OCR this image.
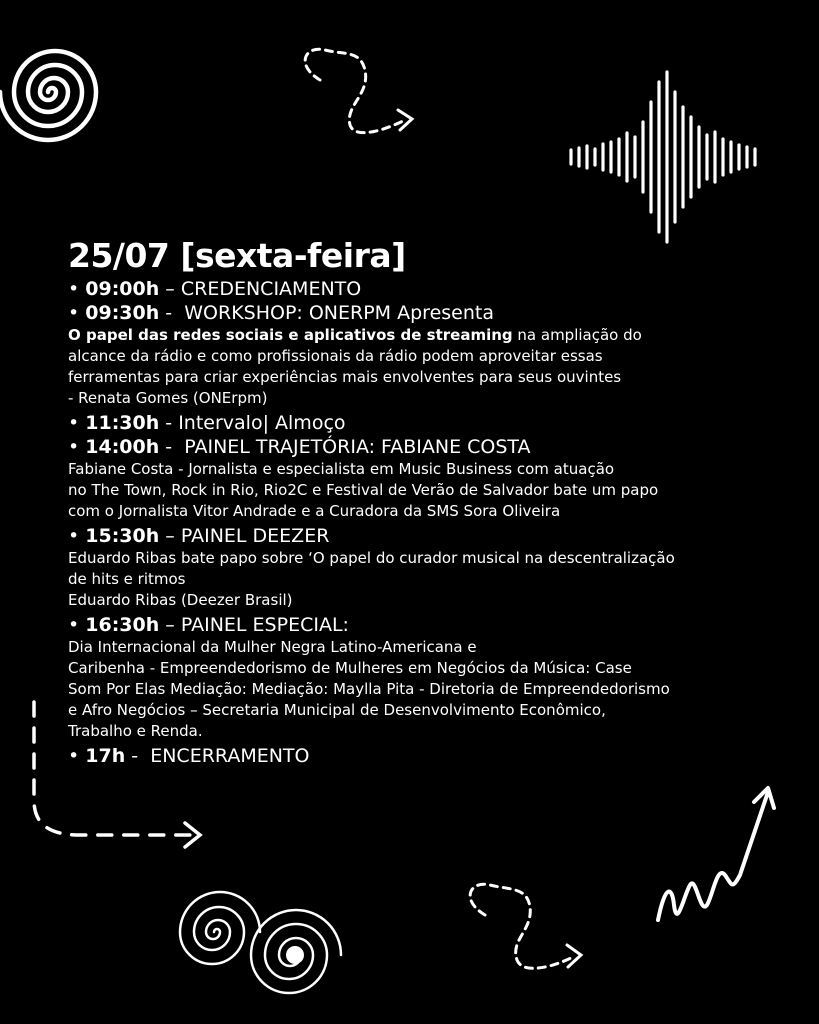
25/07 [sexta-feira]
• 09:00h – CREDENCIAMENTO
• 09:30h -  WORKSHOP: ONERPM Apresenta
O papel das redes sociais e aplicativos de streaming na ampliação do
alcance da rádio e como profissionais da rádio podem aproveitar essas
ferramentas para criar experiências mais envolventes para seus ouvintes
- Renata Gomes (ONErpm)
• 11:30h - Intervalo| Almoço
• 14:00h -  PAINEL TRAJETÓRIA: FABIANE COSTA
Fabiane Costa - Jornalista e especialista em Music Business com atuação
no The Town, Rock in Rio, Rio2C e Festival de Verão de Salvador bate um papo
com o Jornalista Vitor Andrade e a Curadora da SMS Sora Oliveira
• 15:30h – PAINEL DEEZER
Eduardo Ribas bate papo sobre ‘O papel do curador musical na descentralização
de hits e ritmos
Eduardo Ribas (Deezer Brasil)
• 16:30h – PAINEL ESPECIAL:
Dia Internacional da Mulher Negra Latino-Americana e
Caribenha - Empreendedorismo de Mulheres em Negócios da Música: Case
Som Por Elas Mediação: Mediação: Maylla Pita - Diretoria de Empreendedorismo
e Afro Negócios – Secretaria Municipal de Desenvolvimento Econômico,
Trabalho e Renda.
• 17h -  ENCERRAMENTO
